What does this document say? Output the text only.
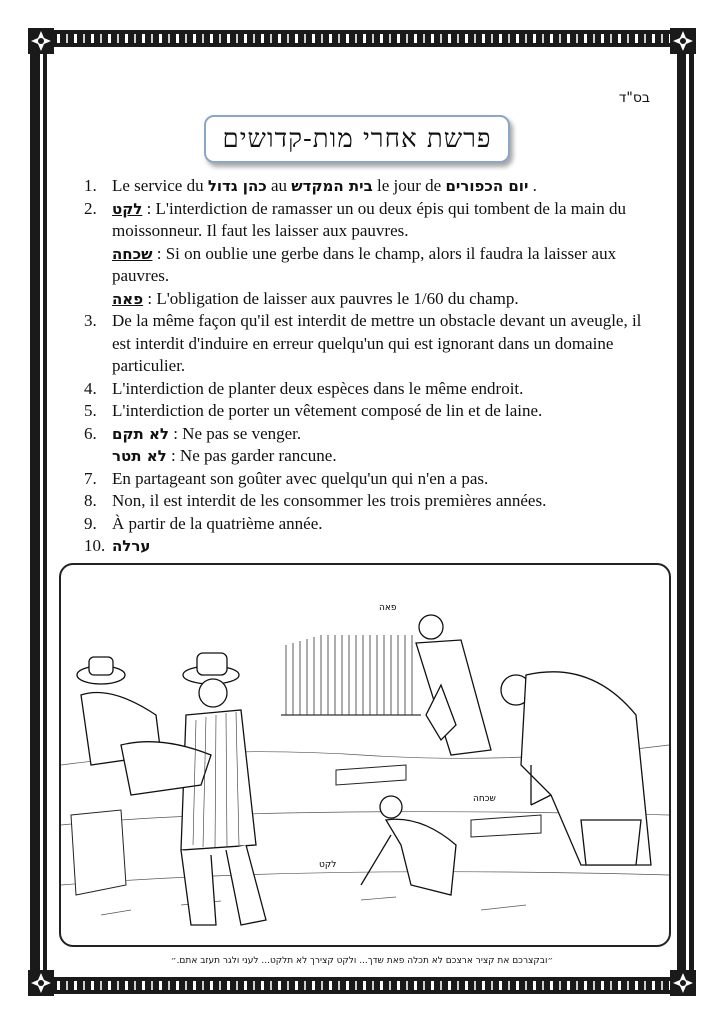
בס"ד
פרשת אחרי מות-קדושים
1. Le service du כהן גדול au בית המקדש le jour de יום הכפורים .
2.	לקט : L'interdiction de ramasser un ou deux épis qui tombent de la main du moissonneur. Il faut les laisser aux pauvres.
שכחה : Si on oublie une gerbe dans le champ, alors il faudra la laisser aux pauvres.
פאה : L'obligation de laisser aux pauvres le 1/60 du champ.
3. De la même façon qu'il est interdit de mettre un obstacle devant un aveugle, il est interdit d'induire en erreur quelqu'un qui est ignorant dans un domaine particulier.
4. L'interdiction de planter deux espèces dans le même endroit.
5. L'interdiction de porter un vêtement composé de lin et de laine.
6.	לא תקם : Ne pas se venger.
לא תטר : Ne pas garder rancune.
7. En partageant son goûter avec quelqu'un qui n'en a pas.
8. Non, il est interdit de les consommer les trois premières années.
9. À partir de la quatrième année.
10. ערלה
פאה
שכחה
לקט
״ובקצרכם את קציר ארצכם לא תכלה פאת שדך... ולקט קצירך לא תלקט... לעני ולגר תעזב אתם.״
